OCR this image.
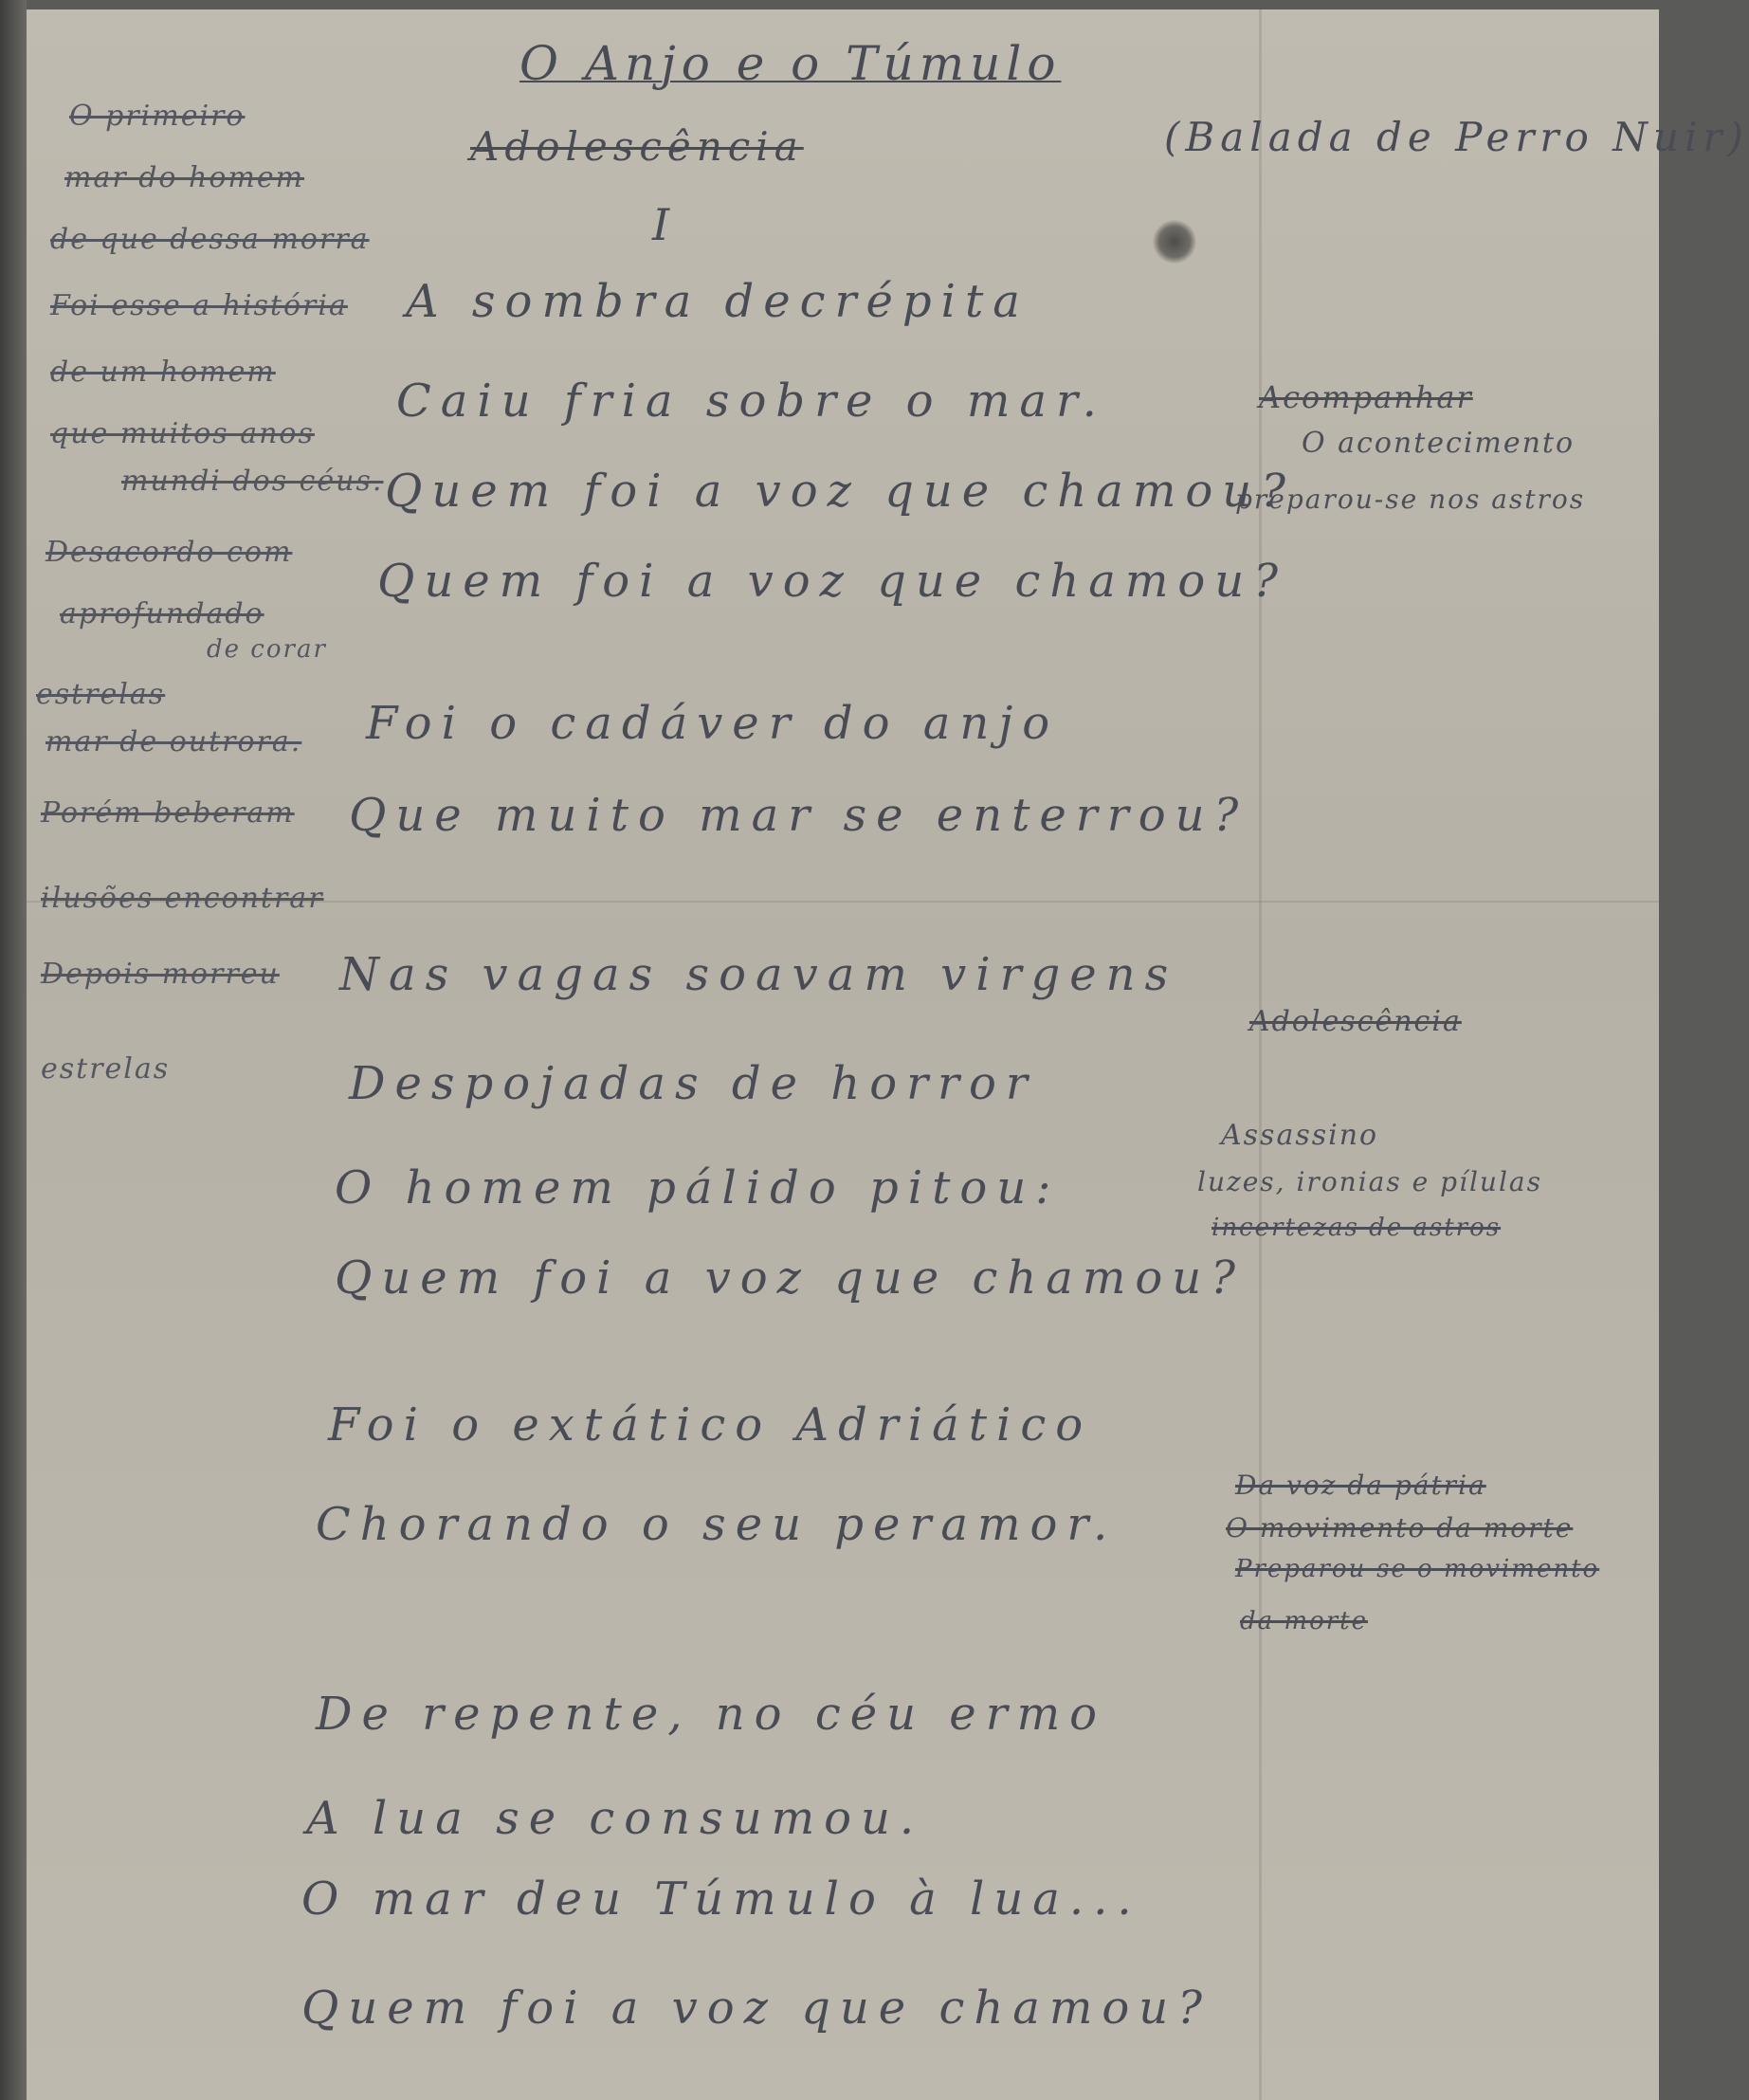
O Anjo e o Túmulo
Adolescência	(Balada de Perro Nuir)
I
A sombra decrépita
Caiu fria sobre o mar.
Quem foi a voz que chamou?
Quem foi a voz que chamou?
Foi o cadáver do anjo
Que muito mar se enterrou?
Nas vagas soavam virgens
Despojadas de horror
O homem pálido pitou:
Quem foi a voz que chamou?
Foi o extático Adriático
Chorando o seu peramor.
De repente, no céu ermo
A lua se consumou.
O mar deu Túmulo à lua...
Quem foi a voz que chamou?
O primeiro
mar do homem
de que dessa morra
Foi esse a história
de um homem
que muitos anos
mundi dos céus.
Desacordo com
aprofundado
de corar
estrelas
mar de outrora.
Porém beberam
ilusões encontrar
Depois morreu
estrelas
Acompanhar
O acontecimento
preparou-se nos astros
Adolescência
Assassino
luzes, ironias e pílulas
incertezas de astros
Da voz da pátria
O movimento da morte
Preparou-se o movimento
da morte
